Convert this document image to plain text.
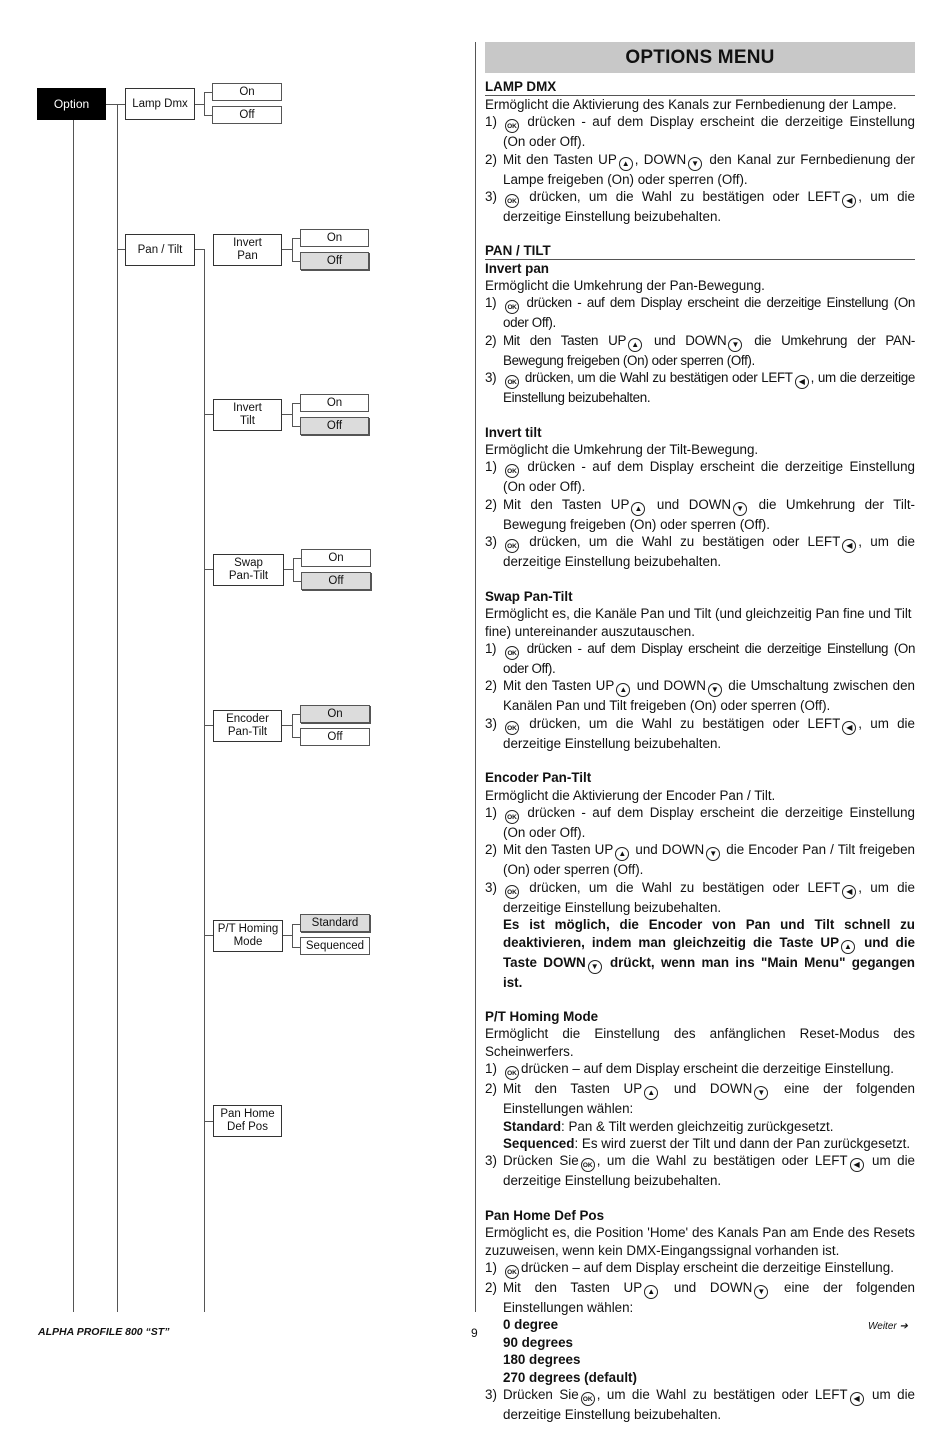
Option	Lamp Dmx
On
Off
Pan / Tilt
Invert
Pan
On
Off
Invert
Tilt
On
Off
Swap
Pan-Tilt
On
Off
Encoder
Pan-Tilt
On
Off
P/T Homing
Mode
Standard
Sequenced
Pan Home
Def Pos
OPTIONS MENU
LAMP DMX
Ermöglicht die Aktivierung des Kanals zur Fernbedienung der Lampe.
1) OK drücken - auf dem Display erscheint die derzeitige Einstellung (On oder Off).
2) Mit den Tasten UP ▲ , DOWN ▼ den Kanal zur Fernbedienung der Lampe freigeben (On) oder sperren (Off).
3) OK drücken, um die Wahl zu bestätigen oder LEFT ◀ , um die derzeitige Einstellung beizubehalten.
PAN / TILT
Invert pan
Ermöglicht die Umkehrung der Pan-Bewegung.
1) OK drücken - auf dem Display erscheint die derzeitige Einstellung (On oder Off).
2) Mit den Tasten UP ▲ und DOWN ▼ die Umkehrung der PAN-Bewegung freigeben (On) oder sperren (Off).
3) OK drücken, um die Wahl zu bestätigen oder LEFT ◀ , um die derzeitige Einstellung beizubehalten.
Invert tilt
Ermöglicht die Umkehrung der Tilt-Bewegung.
1) OK drücken - auf dem Display erscheint die derzeitige Einstellung (On oder Off).
2) Mit den Tasten UP ▲ und DOWN ▼ die Umkehrung der Tilt-Bewegung freigeben (On) oder sperren (Off).
3) OK drücken, um die Wahl zu bestätigen oder LEFT ◀ , um die derzeitige Einstellung beizubehalten.
Swap Pan-Tilt
Ermöglicht es, die Kanäle Pan und Tilt (und gleichzeitig Pan fine und Tilt fine) untereinander auszutauschen.
1) OK drücken - auf dem Display erscheint die derzeitige Einstellung (On oder Off).
2) Mit den Tasten UP ▲ und DOWN ▼ die Umschaltung zwischen den Kanälen Pan und Tilt freigeben (On) oder sperren (Off).
3) OK drücken, um die Wahl zu bestätigen oder LEFT ◀ , um die derzeitige Einstellung beizubehalten.
Encoder Pan-Tilt
Ermöglicht die Aktivierung der Encoder Pan / Tilt.
1) OK drücken - auf dem Display erscheint die derzeitige Einstellung (On oder Off).
2) Mit den Tasten UP ▲ und DOWN ▼ die Encoder Pan / Tilt freigeben (On) oder sperren (Off).
3) OK drücken, um die Wahl zu bestätigen oder LEFT ◀ , um die derzeitige Einstellung beizubehalten.
Es ist möglich, die Encoder von Pan und Tilt schnell zu deaktivieren, indem man gleichzeitig die Taste UP ▲ und die Taste DOWN ▼ drückt, wenn man ins "Main Menu" gegangen ist.
P/T Homing Mode
Ermöglicht die Einstellung des anfänglichen Reset-Modus des Scheinwerfers.
1) OK drücken – auf dem Display erscheint die derzeitige Einstellung.
2) Mit den Tasten UP ▲ und DOWN ▼ eine der folgenden Einstellungen wählen:
Standard: Pan & Tilt werden gleichzeitig zurückgesetzt.
Sequenced: Es wird zuerst der Tilt und dann der Pan zurückgesetzt.
3) Drücken Sie OK , um die Wahl zu bestätigen oder LEFT ◀ um die derzeitige Einstellung beizubehalten.
Pan Home Def Pos
Ermöglicht es, die Position 'Home' des Kanals Pan am Ende des Resets zuzuweisen, wenn kein DMX-Eingangssignal vorhanden ist.
1) OK drücken – auf dem Display erscheint die derzeitige Einstellung.
2) Mit den Tasten UP ▲ und DOWN ▼ eine der folgenden Einstellungen wählen:
0 degree
90 degrees
180 degrees
270 degrees (default)
3) Drücken Sie OK , um die Wahl zu bestätigen oder LEFT ◀ um die derzeitige Einstellung beizubehalten.
ALPHA PROFILE 800 “ST”	9	Weiter ➔
